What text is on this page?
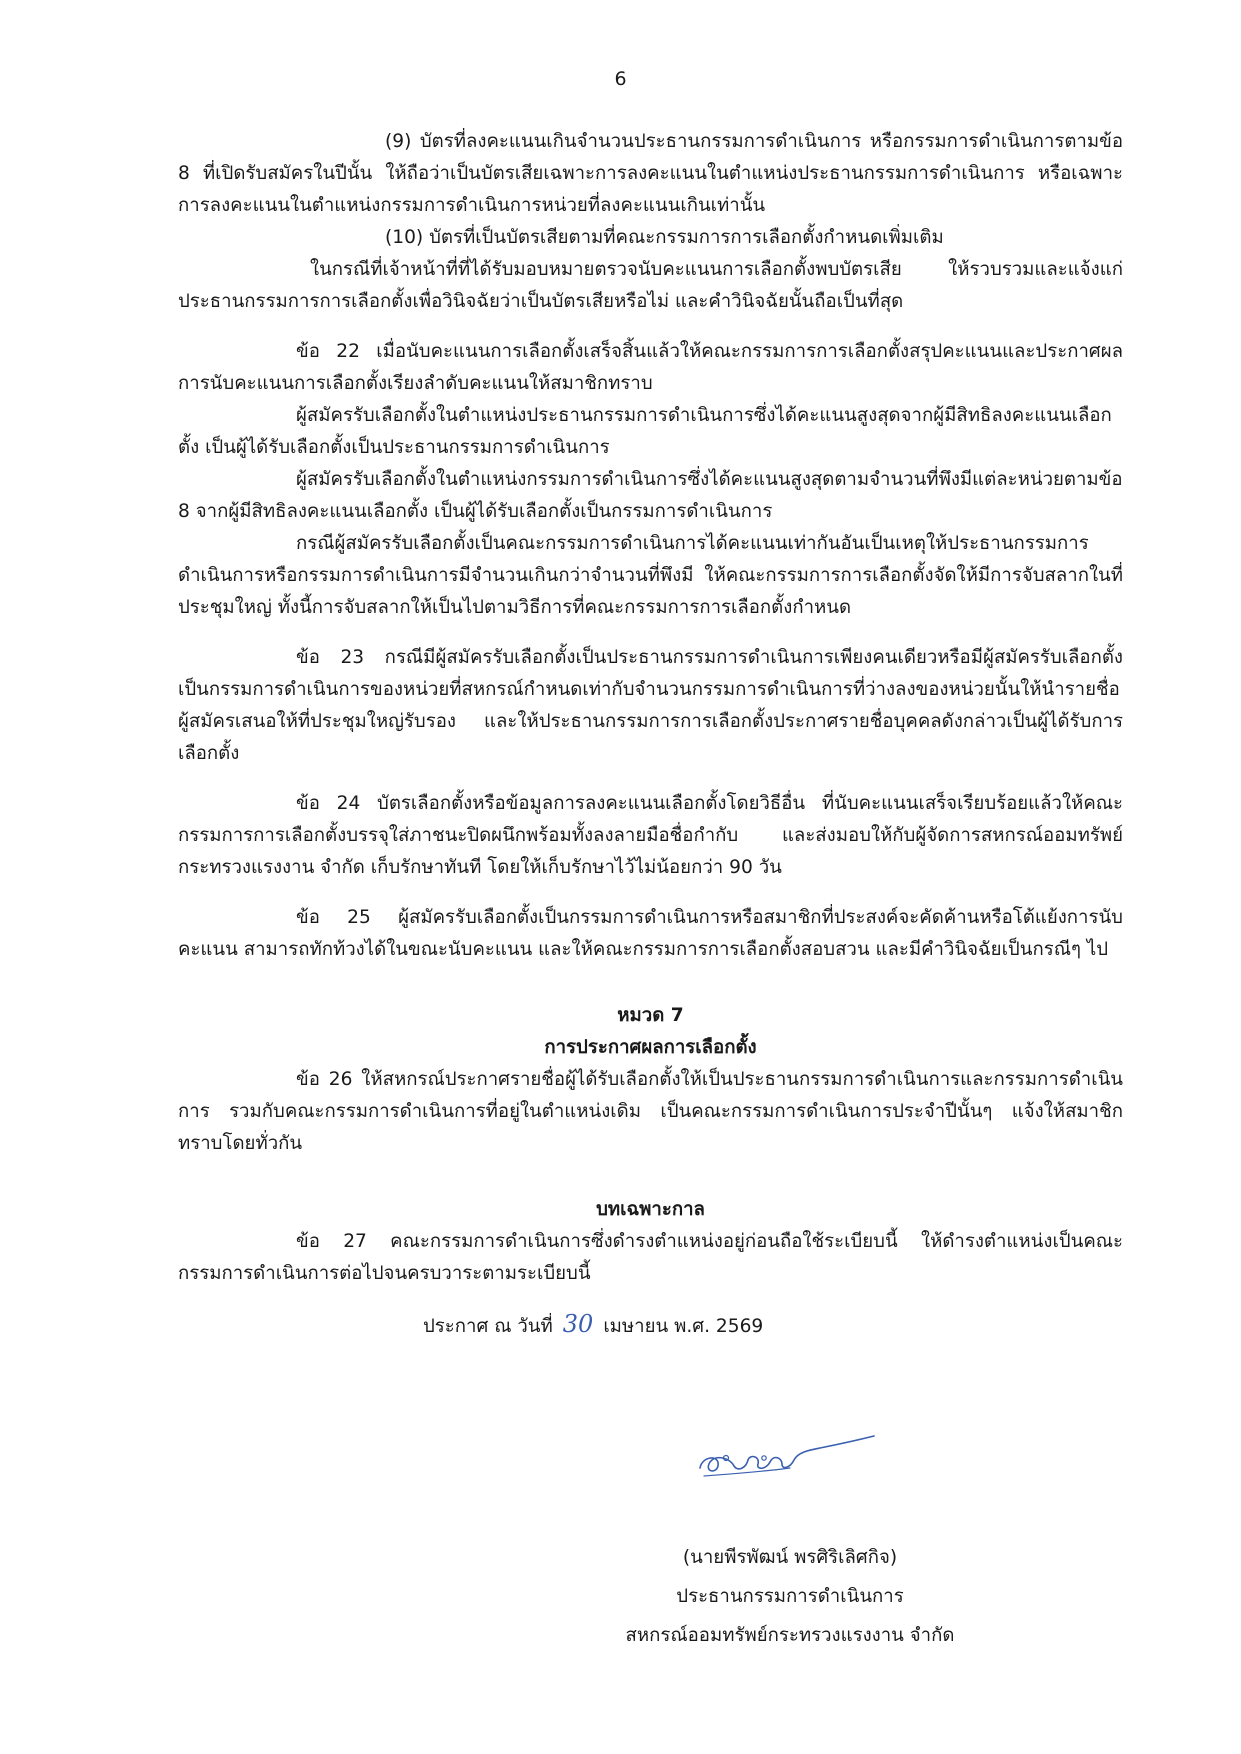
6

(9) บัตรที่ลงคะแนนเกินจำนวนประธานกรรมการดำเนินการ หรือกรรมการดำเนินการตามข้อ 8 ที่เปิดรับสมัครในปีนั้น ให้ถือว่าเป็นบัตรเสียเฉพาะการลงคะแนนในตำแหน่งประธานกรรมการดำเนินการ หรือเฉพาะการลงคะแนนในตำแหน่งกรรมการดำเนินการหน่วยที่ลงคะแนนเกินเท่านั้น

(10) บัตรที่เป็นบัตรเสียตามที่คณะกรรมการการเลือกตั้งกำหนดเพิ่มเติม

ในกรณีที่เจ้าหน้าที่ที่ได้รับมอบหมายตรวจนับคะแนนการเลือกตั้งพบบัตรเสีย ให้รวบรวมและแจ้งแก่ประธานกรรมการการเลือกตั้งเพื่อวินิจฉัยว่าเป็นบัตรเสียหรือไม่ และคำวินิจฉัยนั้นถือเป็นที่สุด

ข้อ 22 เมื่อนับคะแนนการเลือกตั้งเสร็จสิ้นแล้วให้คณะกรรมการการเลือกตั้งสรุปคะแนนและประกาศผลการนับคะแนนการเลือกตั้งเรียงลำดับคะแนนให้สมาชิกทราบ

ผู้สมัครรับเลือกตั้งในตำแหน่งประธานกรรมการดำเนินการซึ่งได้คะแนนสูงสุดจากผู้มีสิทธิลงคะแนนเลือกตั้ง เป็นผู้ได้รับเลือกตั้งเป็นประธานกรรมการดำเนินการ

ผู้สมัครรับเลือกตั้งในตำแหน่งกรรมการดำเนินการซึ่งได้คะแนนสูงสุดตามจำนวนที่พึงมีแต่ละหน่วยตามข้อ 8 จากผู้มีสิทธิลงคะแนนเลือกตั้ง เป็นผู้ได้รับเลือกตั้งเป็นกรรมการดำเนินการ

กรณีผู้สมัครรับเลือกตั้งเป็นคณะกรรมการดำเนินการได้คะแนนเท่ากันอันเป็นเหตุให้ประธานกรรมการดำเนินการหรือกรรมการดำเนินการมีจำนวนเกินกว่าจำนวนที่พึงมี ให้คณะกรรมการการเลือกตั้งจัดให้มีการจับสลากในที่ประชุมใหญ่ ทั้งนี้การจับสลากให้เป็นไปตามวิธีการที่คณะกรรมการการเลือกตั้งกำหนด

ข้อ 23 กรณีมีผู้สมัครรับเลือกตั้งเป็นประธานกรรมการดำเนินการเพียงคนเดียวหรือมีผู้สมัครรับเลือกตั้งเป็นกรรมการดำเนินการของหน่วยที่สหกรณ์กำหนดเท่ากับจำนวนกรรมการดำเนินการที่ว่างลงของหน่วยนั้นให้นำรายชื่อผู้สมัครเสนอให้ที่ประชุมใหญ่รับรอง และให้ประธานกรรมการการเลือกตั้งประกาศรายชื่อบุคคลดังกล่าวเป็นผู้ได้รับการเลือกตั้ง

ข้อ 24 บัตรเลือกตั้งหรือข้อมูลการลงคะแนนเลือกตั้งโดยวิธีอื่น ที่นับคะแนนเสร็จเรียบร้อยแล้วให้คณะกรรมการการเลือกตั้งบรรจุใส่ภาชนะปิดผนึกพร้อมทั้งลงลายมือชื่อกำกับ และส่งมอบให้กับผู้จัดการสหกรณ์ออมทรัพย์กระทรวงแรงงาน จำกัด เก็บรักษาทันที โดยให้เก็บรักษาไว้ไม่น้อยกว่า 90 วัน

ข้อ 25 ผู้สมัครรับเลือกตั้งเป็นกรรมการดำเนินการหรือสมาชิกที่ประสงค์จะคัดค้านหรือโต้แย้งการนับคะแนน สามารถทักท้วงได้ในขณะนับคะแนน และให้คณะกรรมการการเลือกตั้งสอบสวน และมีคำวินิจฉัยเป็นกรณีๆ ไป

หมวด 7

การประกาศผลการเลือกตั้ง

ข้อ 26 ให้สหกรณ์ประกาศรายชื่อผู้ได้รับเลือกตั้งให้เป็นประธานกรรมการดำเนินการและกรรมการดำเนินการ รวมกับคณะกรรมการดำเนินการที่อยู่ในตำแหน่งเดิม เป็นคณะกรรมการดำเนินการประจำปีนั้นๆ แจ้งให้สมาชิกทราบโดยทั่วกัน

บทเฉพาะกาล

ข้อ 27 คณะกรรมการดำเนินการซึ่งดำรงตำแหน่งอยู่ก่อนถือใช้ระเบียบนี้ ให้ดำรงตำแหน่งเป็นคณะกรรมการดำเนินการต่อไปจนครบวาระตามระเบียบนี้

ประกาศ ณ วันที่ 30 เมษายน พ.ศ. 2569

(นายพีรพัฒน์ พรศิริเลิศกิจ)
ประธานกรรมการดำเนินการ
สหกรณ์ออมทรัพย์กระทรวงแรงงาน จำกัด
